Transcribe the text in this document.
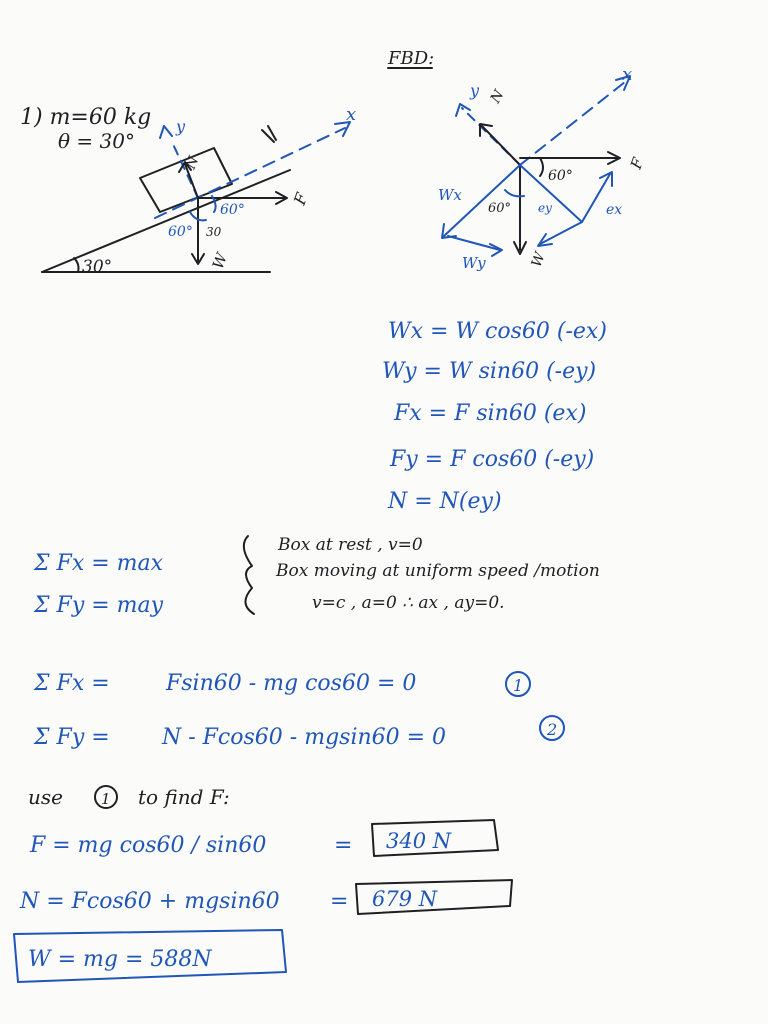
1) m=60 kg
θ = 30°
30°
x
y
N
F
W
60°
60°
30
FBD:
x
y N
F
60°
W
Wx
Wy
60° ey	ex
Wx = W cos60 (-ex)
Wy = W sin60 (-ey)
Fx = F sin60 (ex)
Fy = F cos60 (-ey)
N = N(ey)
Σ Fx = max
Σ Fy = may
Box at rest , v=0
Box moving at uniform speed /motion
v=c , a=0 ∴ ax , ay=0.
Σ Fx =	Fsin60 - mg cos60 = 0	1
Σ Fy = N - Fcos60 - mgsin60 = 0	2
use	1 to find F:
F = mg cos60 / sin60	= 340 N
N = Fcos60 + mgsin60 = 679 N
W = mg = 588N
